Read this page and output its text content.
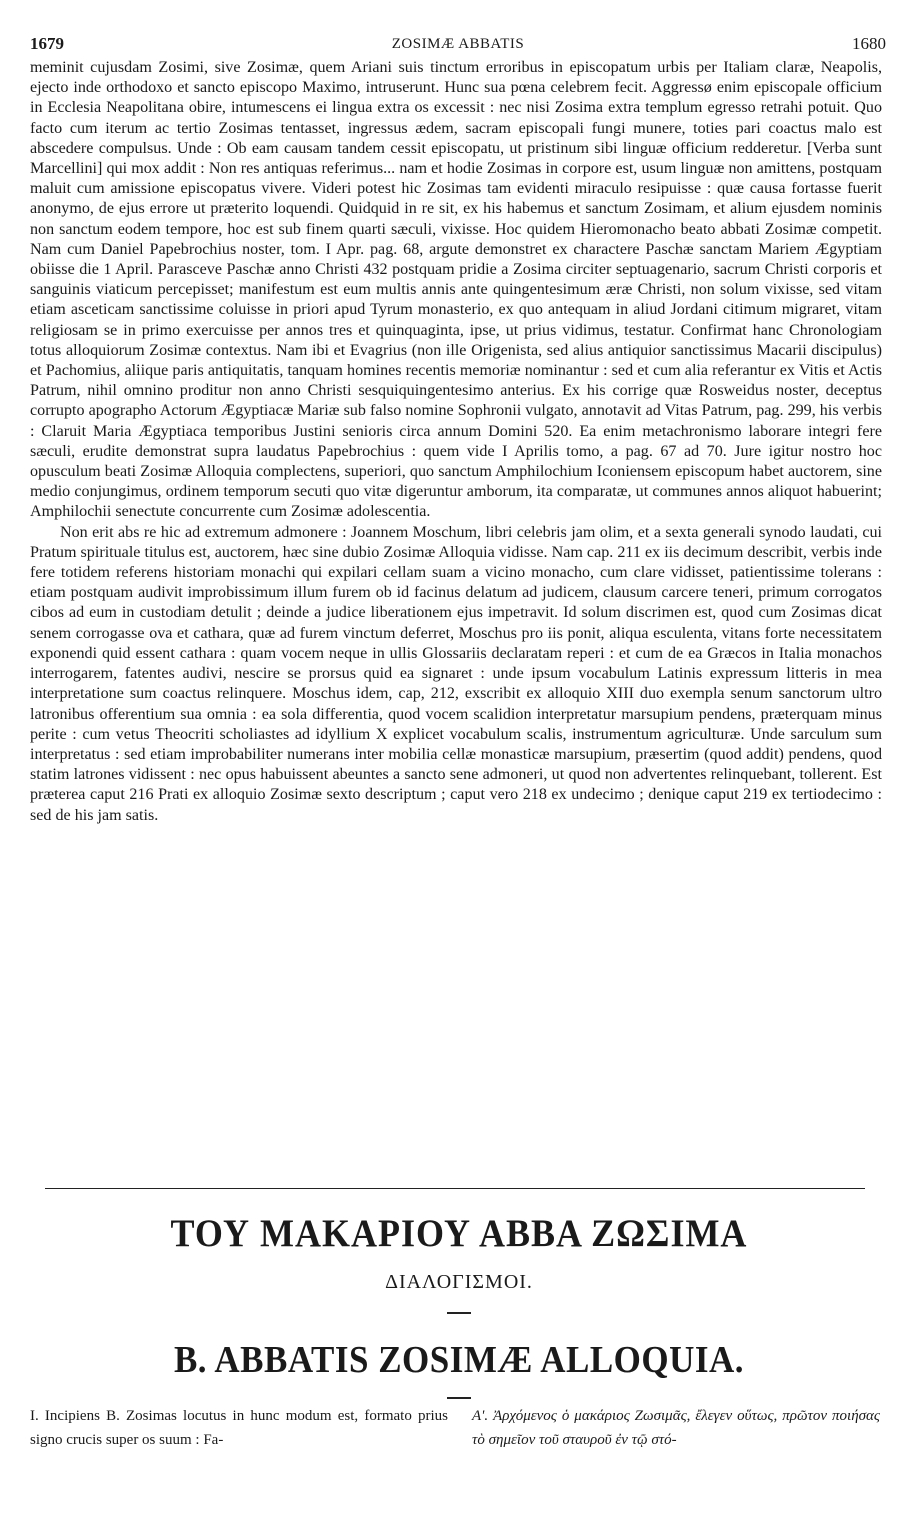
1679	ZOSIMÆ ABBATIS	1680

meminit cujusdam Zosimi, sive Zosimæ, quem Ariani suis tinctum erroribus in episcopatum urbis per Italiam claræ, Neapolis, ejecto inde orthodoxo et sancto episcopo Maximo, intruserunt. Hunc sua pœna celebrem fecit. Aggressø enim episcopale officium in Ecclesia Neapolitana obire, intumescens ei lingua extra os excessit : nec nisi Zosima extra templum egresso retrahi potuit. Quo facto cum iterum ac tertio Zosimas tentasset, ingressus ædem, sacram episcopali fungi munere, toties pari coactus malo est abscedere compulsus. Unde : Ob eam causam tandem cessit episcopatu, ut pristinum sibi linguæ officium redderetur. [Verba sunt Marcellini] qui mox addit : Non res antiquas referimus... nam et hodie Zosimas in corpore est, usum linguæ non amittens, postquam maluit cum amissione episcopatus vivere. Videri potest hic Zosimas tam evidenti miraculo resipuisse : quæ causa fortasse fuerit anonymo, de ejus errore ut præterito loquendi. Quidquid in re sit, ex his habemus et sanctum Zosimam, et alium ejusdem nominis non sanctum eodem tempore, hoc est sub finem quarti sæculi, vixisse. Hoc quidem Hieromonacho beato abbati Zosimæ competit. Nam cum Daniel Papebrochius noster, tom. I Apr. pag. 68, argute demonstret ex charactere Paschæ sanctam Mariem Ægyptiam obiisse die 1 April. Parasceve Paschæ anno Christi 432 postquam pridie a Zosima circiter septuagenario, sacrum Christi corporis et sanguinis viaticum percepisset; manifestum est eum multis annis ante quingentesimum æræ Christi, non solum vixisse, sed vitam etiam asceticam sanctissime coluisse in priori apud Tyrum monasterio, ex quo antequam in aliud Jordani citimum migraret, vitam religiosam se in primo exercuisse per annos tres et quinquaginta, ipse, ut prius vidimus, testatur. Confirmat hanc Chronologiam totus alloquiorum Zosimæ contextus. Nam ibi et Evagrius (non ille Origenista, sed alius antiquior sanctissimus Macarii discipulus) et Pachomius, aliique paris antiquitatis, tanquam homines recentis memoriæ nominantur : sed et cum alia referantur ex Vitis et Actis Patrum, nihil omnino proditur non anno Christi sesquiquingentesimo anterius. Ex his corrige quæ Rosweidus noster, deceptus corrupto apographo Actorum Ægyptiacæ Mariæ sub falso nomine Sophronii vulgato, annotavit ad Vitas Patrum, pag. 299, his verbis : Claruit Maria Ægyptiaca temporibus Justini senioris circa annum Domini 520. Ea enim metachronismo laborare integri fere sæculi, erudite demonstrat supra laudatus Papebrochius : quem vide I Aprilis tomo, a pag. 67 ad 70. Jure igitur nostro hoc opusculum beati Zosimæ Alloquia complectens, superiori, quo sanctum Amphilochium Iconiensem episcopum habet auctorem, sine medio conjungimus, ordinem temporum secuti quo vitæ digeruntur amborum, ita comparatæ, ut communes annos aliquot habuerint; Amphilochii senectute concurrente cum Zosimæ adolescentia.

Non erit abs re hic ad extremum admonere : Joannem Moschum, libri celebris jam olim, et a sexta generali synodo laudati, cui Pratum spirituale titulus est, auctorem, hæc sine dubio Zosimæ Alloquia vidisse. Nam cap. 211 ex iis decimum describit, verbis inde fere totidem referens historiam monachi qui expilari cellam suam a vicino monacho, cum clare vidisset, patientissime tolerans : etiam postquam audivit improbissimum illum furem ob id facinus delatum ad judicem, clausum carcere teneri, primum corrogatos cibos ad eum in custodiam detulit ; deinde a judice liberationem ejus impetravit. Id solum discrimen est, quod cum Zosimas dicat senem corrogasse ova et cathara, quæ ad furem vinctum deferret, Moschus pro iis ponit, aliqua esculenta, vitans forte necessitatem exponendi quid essent cathara : quam vocem neque in ullis Glossariis declaratam reperi : et cum de ea Græcos in Italia monachos interrogarem, fatentes audivi, nescire se prorsus quid ea signaret : unde ipsum vocabulum Latinis expressum litteris in mea interpretatione sum coactus relinquere. Moschus idem, cap, 212, exscribit ex alloquio XIII duo exempla senum sanctorum ultro latronibus offerentium sua omnia : ea sola differentia, quod vocem scalidion interpretatur marsupium pendens, præterquam minus perite : cum vetus Theocriti scholiastes ad idyllium X explicet vocabulum scalis, instrumentum agriculturæ. Unde sarculum sum interpretatus : sed etiam improbabiliter numerans inter mobilia cellæ monasticæ marsupium, præsertim (quod addit) pendens, quod statim latrones vidissent : nec opus habuissent abeuntes a sancto sene admoneri, ut quod non advertentes relinquebant, tollerent. Est præterea caput 216 Prati ex alloquio Zosimæ sexto descriptum ; caput vero 218 ex undecimo ; denique caput 219 ex tertiodecimo : sed de his jam satis.

ΤΟΥ ΜΑΚΑΡΙΟΥ ΑΒΒΑ ΖΩΣΙΜΑ
ΔΙΑΛΟΓΙΣΜΟΙ.
B. ABBATIS ZOSIMÆ ALLOQUIA.
I. Incipiens B. Zosimas locutus in hunc modum est, formato prius signo crucis super os suum : Fa-
Α'. Ἀρχόμενος ὁ μακάριος Ζωσιμᾶς, ἔλεγεν οὕτως, πρῶτον ποιήσας τὸ σημεῖον τοῦ σταυροῦ ἐν τῷ στό-
